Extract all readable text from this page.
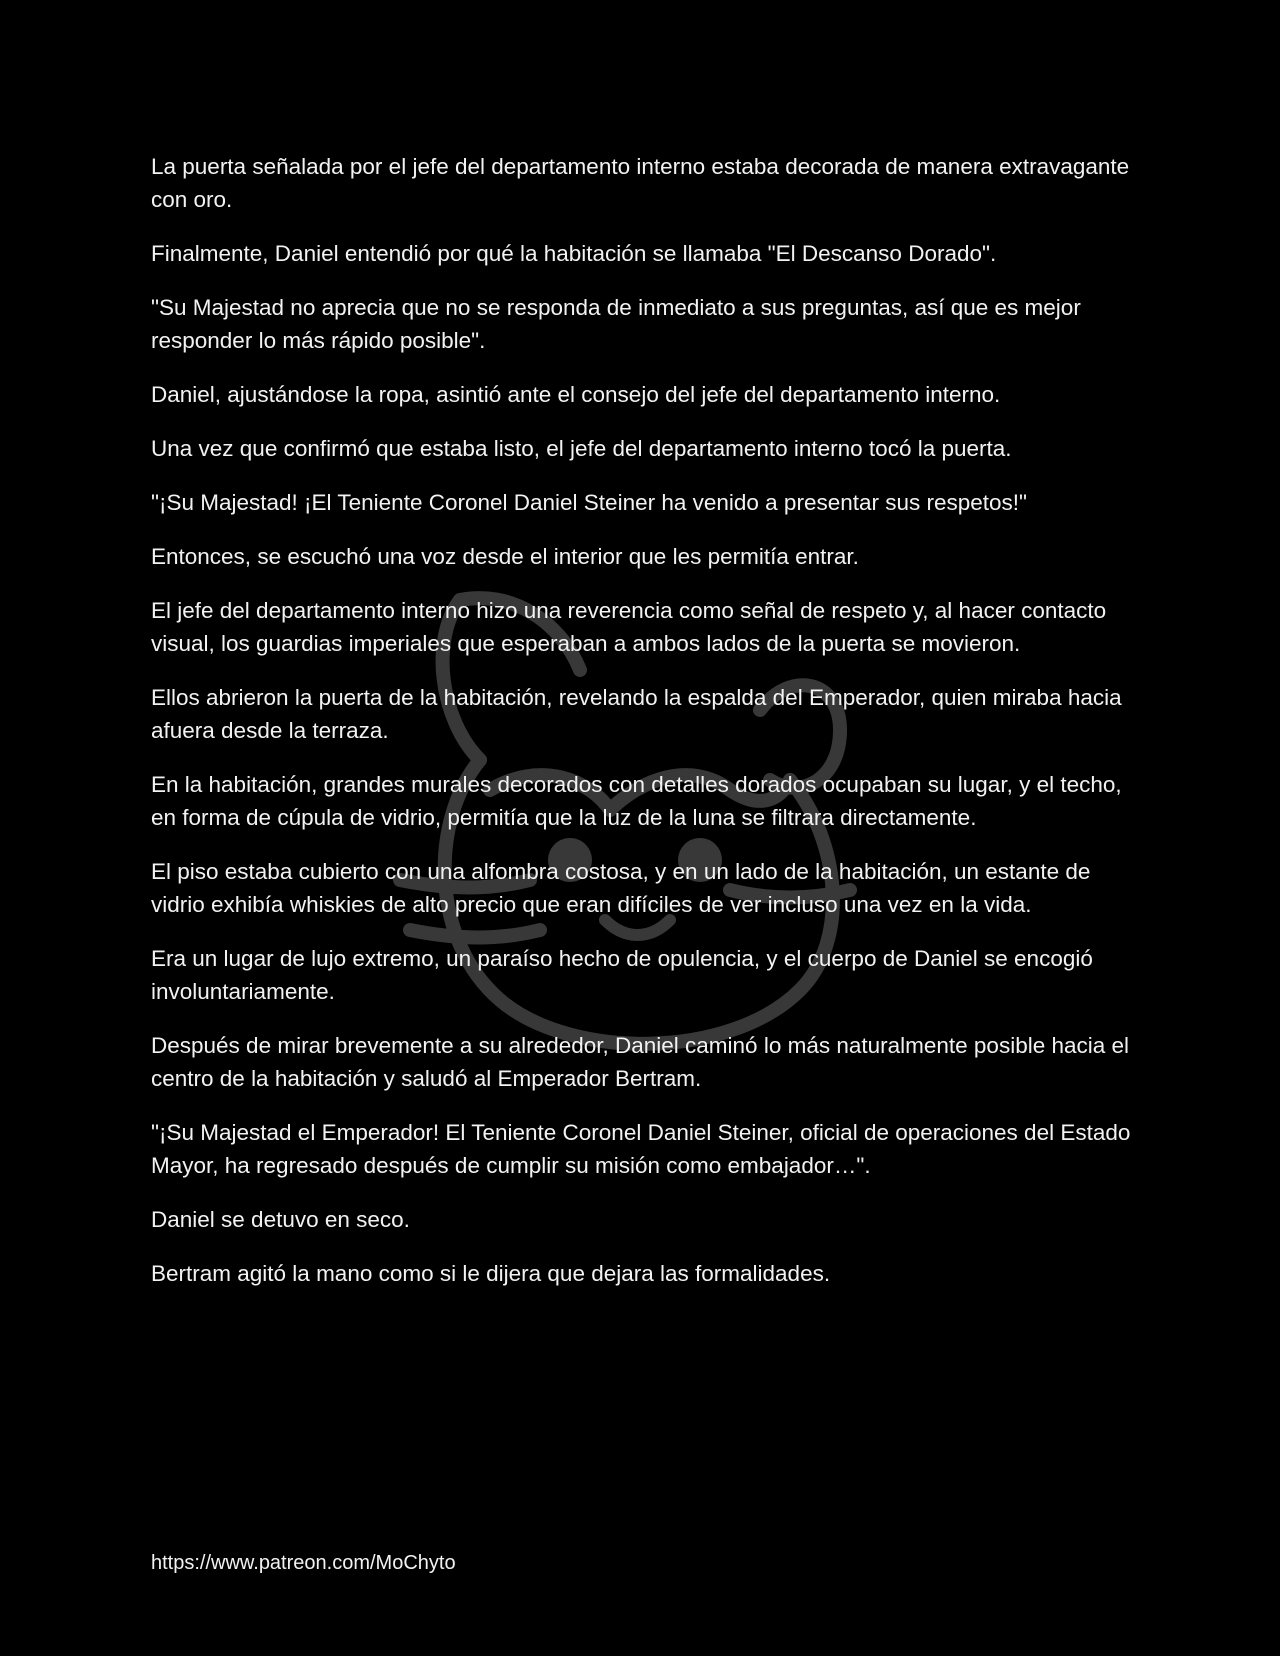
La puerta señalada por el jefe del departamento interno estaba decorada de manera extravagante con oro.

Finalmente, Daniel entendió por qué la habitación se llamaba "El Descanso Dorado".

"Su Majestad no aprecia que no se responda de inmediato a sus preguntas, así que es mejor responder lo más rápido posible".

Daniel, ajustándose la ropa, asintió ante el consejo del jefe del departamento interno.

Una vez que confirmó que estaba listo, el jefe del departamento interno tocó la puerta.

"¡Su Majestad! ¡El Teniente Coronel Daniel Steiner ha venido a presentar sus respetos!"

Entonces, se escuchó una voz desde el interior que les permitía entrar.

El jefe del departamento interno hizo una reverencia como señal de respeto y, al hacer contacto visual, los guardias imperiales que esperaban a ambos lados de la puerta se movieron.

Ellos abrieron la puerta de la habitación, revelando la espalda del Emperador, quien miraba hacia afuera desde la terraza.

En la habitación, grandes murales decorados con detalles dorados ocupaban su lugar, y el techo, en forma de cúpula de vidrio, permitía que la luz de la luna se filtrara directamente.

El piso estaba cubierto con una alfombra costosa, y en un lado de la habitación, un estante de vidrio exhibía whiskies de alto precio que eran difíciles de ver incluso una vez en la vida.

Era un lugar de lujo extremo, un paraíso hecho de opulencia, y el cuerpo de Daniel se encogió involuntariamente.

Después de mirar brevemente a su alrededor, Daniel caminó lo más naturalmente posible hacia el centro de la habitación y saludó al Emperador Bertram.

"¡Su Majestad el Emperador! El Teniente Coronel Daniel Steiner, oficial de operaciones del Estado Mayor, ha regresado después de cumplir su misión como embajador…".

Daniel se detuvo en seco.

Bertram agitó la mano como si le dijera que dejara las formalidades.

https://www.patreon.com/MoChyto
